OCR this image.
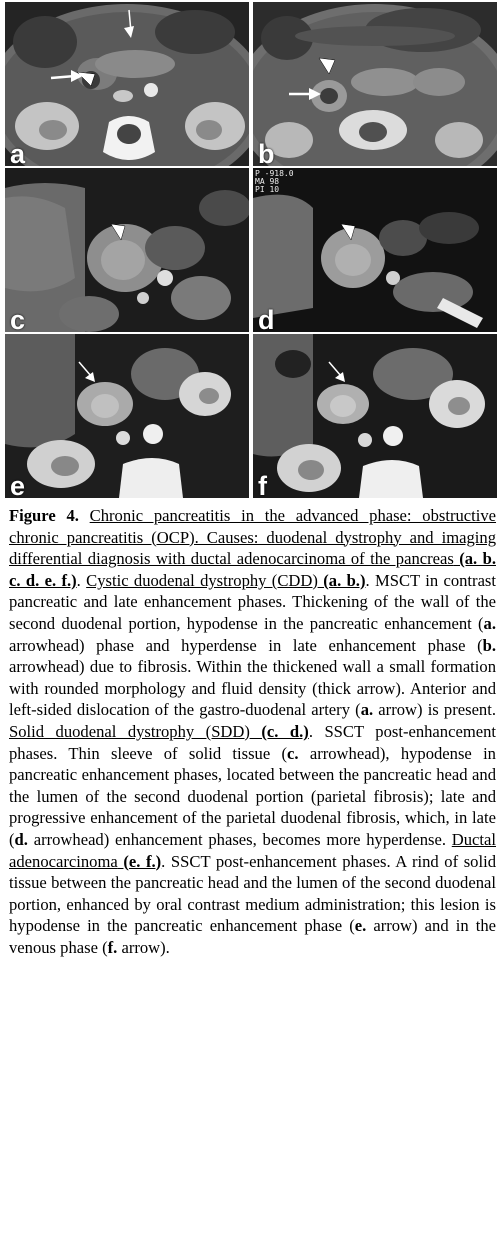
a	b
c
P -918.0
MA 98
PI 10
d
e	f
Figure 4. Chronic pancreatitis in the advanced phase: obstructive chronic pancreatitis (OCP). Causes: duodenal dystrophy and imaging differential diagnosis with ductal adenocarcinoma of the pancreas (a. b. c. d. e. f.). Cystic duodenal dystrophy (CDD) (a. b.). MSCT in contrast pancreatic and late enhancement phases. Thickening of the wall of the second duodenal portion, hypodense in the pancreatic enhancement (a. arrowhead) phase and hyperdense in late enhancement phase (b. arrowhead) due to fibrosis. Within the thickened wall a small formation with rounded morphology and fluid density (thick arrow). Anterior and left-sided dislocation of the gastro-duodenal artery (a. arrow) is present. Solid duodenal dystrophy (SDD) (c. d.). SSCT post-enhancement phases. Thin sleeve of solid tissue (c. arrowhead), hypodense in pancreatic enhancement phases, located between the pancreatic head and the lumen of the second duodenal portion (parietal fibrosis); late and progressive enhancement of the parietal duodenal fibrosis, which, in late (d. arrowhead) enhancement phases, becomes more hyperdense. Ductal adenocarcinoma (e. f.). SSCT post-enhancement phases. A rind of solid tissue between the pancreatic head and the lumen of the second duodenal portion, enhanced by oral contrast medium administration; this lesion is hypodense in the pancreatic enhancement phase (e. arrow) and in the venous phase (f. arrow).
